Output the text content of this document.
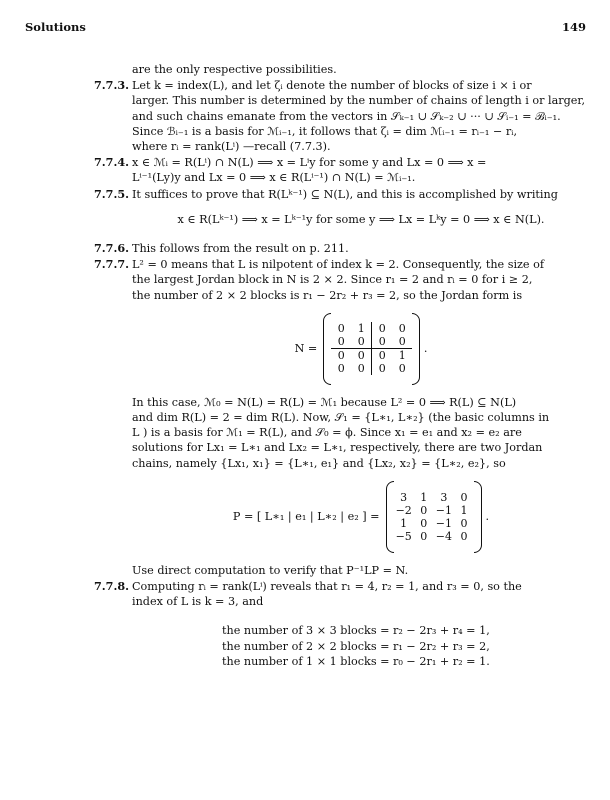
Solutions	149
are the only respective possibilities.
7.7.3. Let k = index(L), and let ζᵢ denote the number of blocks of size i × i or
larger. This number is determined by the number of chains of length i or larger,
and such chains emanate from the vectors in 𝒮ₖ₋₁ ∪ 𝒮ₖ₋₂ ∪ ··· ∪ 𝒮ᵢ₋₁ = ℬᵢ₋₁.
Since ℬᵢ₋₁ is a basis for ℳᵢ₋₁, it follows that ζᵢ = dim ℳᵢ₋₁ = rᵢ₋₁ − rᵢ,
where rᵢ = rank(Lⁱ) —recall (7.7.3).
7.7.4. x ∈ ℳᵢ = R(Lⁱ) ∩ N(L) ⟹ x = Lⁱy for some y and Lx = 0 ⟹ x =
Lⁱ⁻¹(Ly)y and Lx = 0 ⟹ x ∈ R(Lⁱ⁻¹) ∩ N(L) = ℳᵢ₋₁.
7.7.5. It suffices to prove that R(Lᵏ⁻¹) ⊆ N(L), and this is accomplished by writing
x ∈ R(Lᵏ⁻¹) ⟹ x = Lᵏ⁻¹y for some y ⟹ Lx = Lᵏy = 0 ⟹ x ∈ N(L).
7.7.6. This follows from the result on p. 211.
7.7.7. L² = 0 means that L is nilpotent of index k = 2. Consequently, the size of
the largest Jordan block in N is 2 × 2. Since r₁ = 2 and rᵢ = 0 for i ≥ 2,
the number of 2 × 2 blocks is r₁ − 2r₂ + r₃ = 2, so the Jordan form is
N =
0	1	0	0
0	0	0	0
0	0	0	1
0	0	0	0
.
In this case, ℳ₀ = N(L) = R(L) = ℳ₁ because L² = 0 ⟹ R(L) ⊆ N(L)
and dim R(L) = 2 = dim R(L). Now, 𝒮₁ = {L∗₁, L∗₂} (the basic columns in
L ) is a basis for ℳ₁ = R(L), and 𝒮₀ = ϕ. Since x₁ = e₁ and x₂ = e₂ are
solutions for Lx₁ = L∗₁ and Lx₂ = L∗₁, respectively, there are two Jordan
chains, namely {Lx₁, x₁} = {L∗₁, e₁} and {Lx₂, x₂} = {L∗₂, e₂}, so
P = [ L∗₁ | e₁ | L∗₂ | e₂ ] =
3	1	3	0
−2	0	−1	1
1	0	−1	0
−5	0	−4	0
.
Use direct computation to verify that P⁻¹LP = N.
7.7.8. Computing rᵢ = rank(Lⁱ) reveals that r₁ = 4, r₂ = 1, and r₃ = 0, so the
index of L is k = 3, and
the number of 3 × 3 blocks = r₂ − 2r₃ + r₄ = 1,
the number of 2 × 2 blocks = r₁ − 2r₂ + r₃ = 2,
the number of 1 × 1 blocks = r₀ − 2r₁ + r₂ = 1.
